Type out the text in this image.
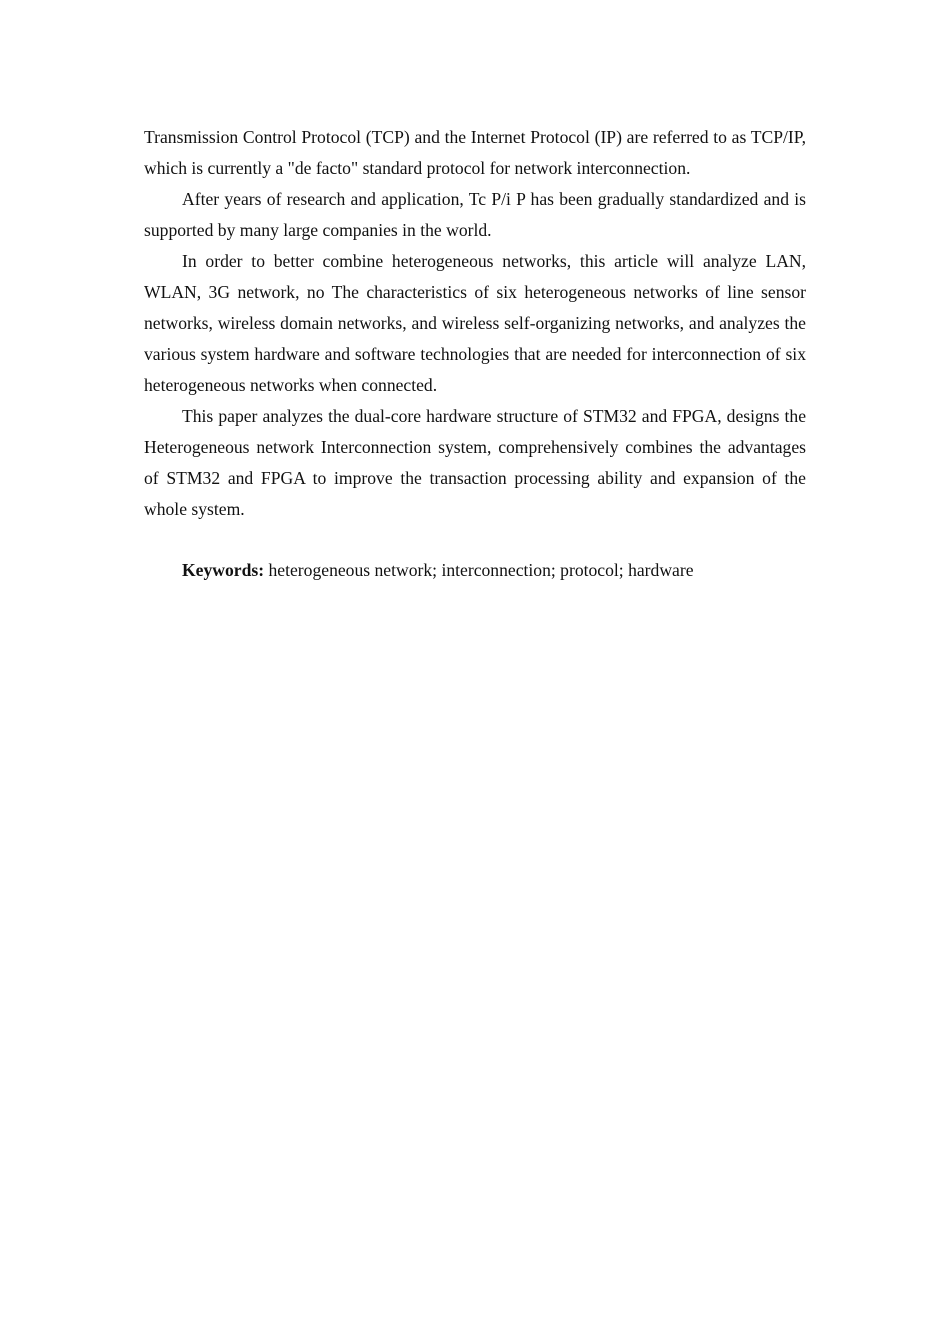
Transmission Control Protocol (TCP) and the Internet Protocol (IP) are referred to as TCP/IP, which is currently a "de facto" standard protocol for network interconnection.

After years of research and application, Tc P/i P has been gradually standardized and is supported by many large companies in the world.

In order to better combine heterogeneous networks, this article will analyze LAN, WLAN, 3G network, no The characteristics of six heterogeneous networks of line sensor networks, wireless domain networks, and wireless self-organizing networks, and analyzes the various system hardware and software technologies that are needed for interconnection of six heterogeneous networks when connected.

This paper analyzes the dual-core hardware structure of STM32 and FPGA, designs the Heterogeneous network Interconnection system, comprehensively combines the advantages of STM32 and FPGA to improve the transaction processing ability and expansion of the whole system.

Keywords: heterogeneous network; interconnection; protocol; hardware
